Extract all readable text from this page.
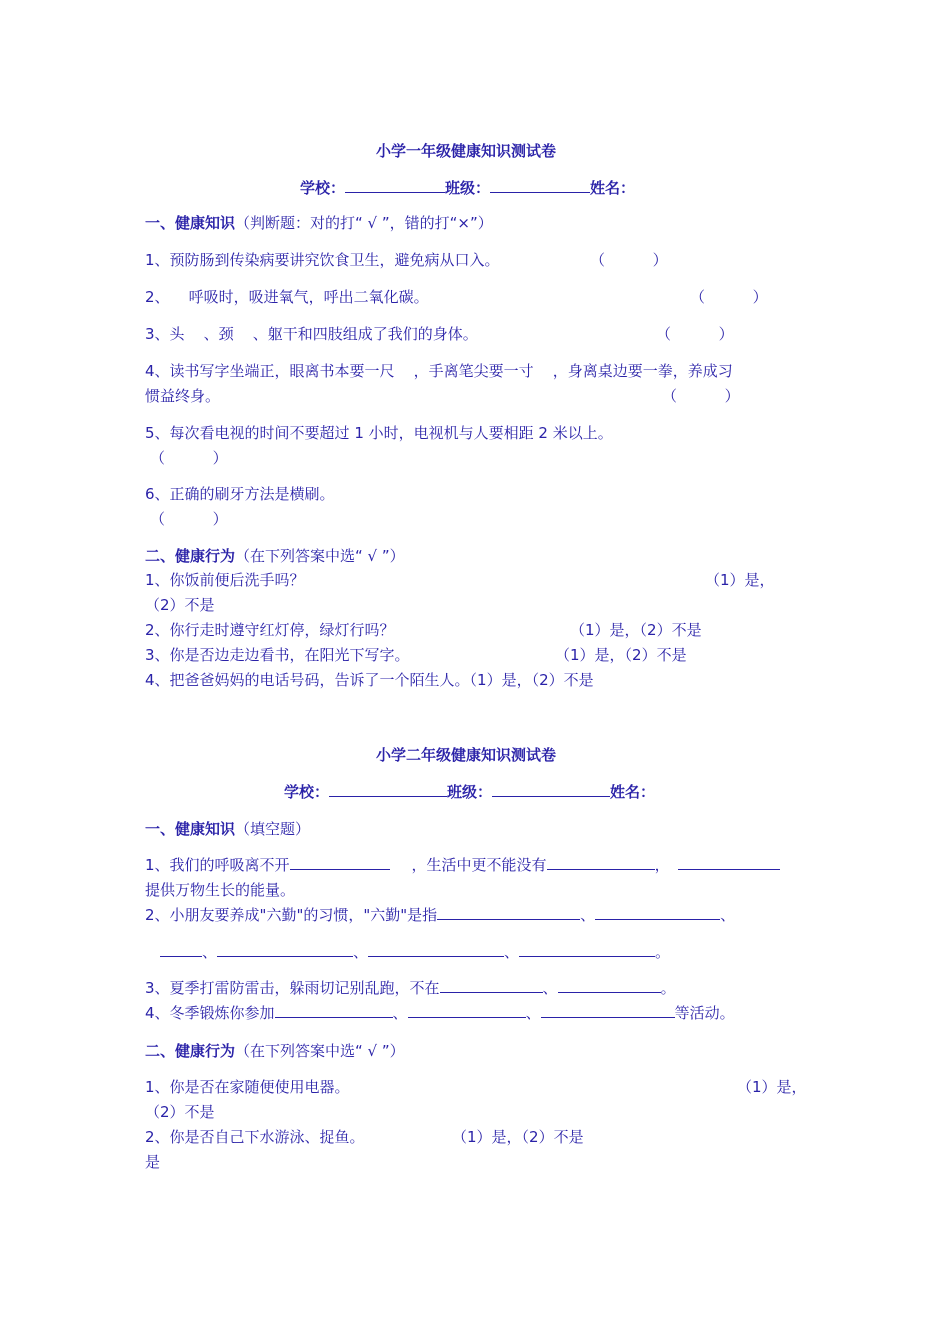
小学一年级健康知识测试卷
学校：	班级：	姓名：
一、健康知识（判断题：对的打“ √ ”，错的打“×”）
1、预防肠到传染病要讲究饮食卫生，避免病从口入。	（          ）
2、    呼吸时，吸进氧气，呼出二氧化碳。	（          ）
3、头    、颈    、躯干和四肢组成了我们的身体。	（          ）
4、读书写字坐端正，眼离书本要一尺    ，手离笔尖要一寸    ，身离桌边要一拳，养成习
惯益终身。	（          ）
5、每次看电视的时间不要超过 1 小时，电视机与人要相距 2 米以上。
（          ）
6、正确的刷牙方法是横刷。
（          ）
二、健康行为（在下列答案中选“ √ ”）
1、你饭前便后洗手吗？	（1）是，
（2）不是
2、你行走时遵守红灯停，绿灯行吗？	（1）是，（2）不是
3、你是否边走边看书，在阳光下写字。	（1）是，（2）不是
4、把爸爸妈妈的电话号码，告诉了一个陌生人。（1）是，（2）不是
小学二年级健康知识测试卷
学校：	班级：	姓名：
一、健康知识（填空题）
1、我们的呼吸离不开	，生活中更不能没有	，
提供万物生长的能量。
2、小朋友要养成"六勤"的习惯，"六勤"是指	、	、
、	、	、	。
3、夏季打雷防雷击，躲雨切记别乱跑，不在	、	。
4、冬季锻炼你参加	、	、	等活动。
二、健康行为（在下列答案中选“ √ ”）
1、你是否在家随便使用电器。	（1）是，
（2）不是
2、你是否自己下水游泳、捉鱼。	（1）是，（2）不是
是
